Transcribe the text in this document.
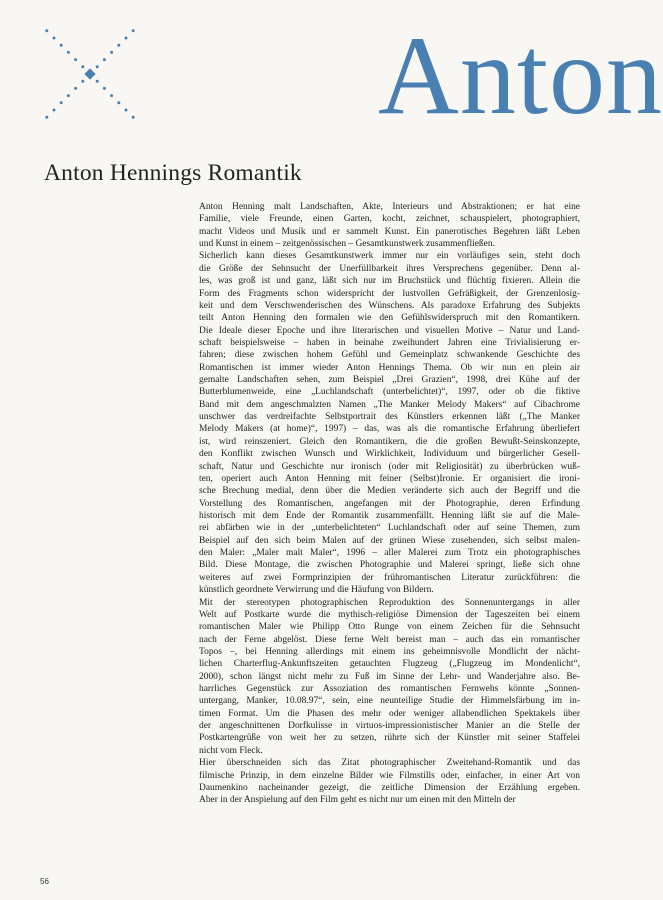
Anton
Anton Hennings Romantik

Anton Henning malt Landschaften, Akte, Interieurs und Abstraktionen; er hat eine
Familie, viele Freunde, einen Garten, kocht, zeichnet, schauspielert, photographiert,
macht Videos und Musik und er sammelt Kunst. Ein panerotisches Begehren läßt Leben
und Kunst in einem – zeitgenössischen – Gesamtkunstwerk zusammenfließen.

Sicherlich kann dieses Gesamtkunstwerk immer nur ein vorläufiges sein, steht doch
die Größe der Sehnsucht der Unerfüllbarkeit ihres Versprechens gegenüber. Denn al-
les, was groß ist und ganz, läßt sich nur im Bruchstück und flüchtig fixieren. Allein die
Form des Fragments schon widerspricht der lustvollen Gefräßigkeit, der Grenzenlosig-
keit und dem Verschwenderischen des Wünschens. Als paradoxe Erfahrung des Subjekts
teilt Anton Henning den formalen wie den Gefühlswiderspruch mit den Romantikern.
Die Ideale dieser Epoche und ihre literarischen und visuellen Motive – Natur und Land-
schaft beispielsweise – haben in beinahe zweihundert Jahren eine Trivialisierung er-
fahren; diese zwischen hohem Gefühl und Gemeinplatz schwankende Geschichte des
Romantischen ist immer wieder Anton Hennings Thema. Ob wir nun en plein air
gemalte Landschaften sehen, zum Beispiel „Drei Grazien“, 1998, drei Kühe auf der
Butterblumenweide, eine „Luchlandschaft (unterbelichtet)“, 1997, oder ob die fiktive
Band mit dem angeschmalzten Namen „The Manker Melody Makers“ auf Cibachrome
unschwer das verdreifachte Selbstportrait des Künstlers erkennen läßt („The Manker
Melody Makers (at home)“, 1997) – das, was als die romantische Erfahrung überliefert
ist, wird reinszeniert. Gleich den Romantikern, die die großen Bewußt-Seinskonzepte,
den Konflikt zwischen Wunsch und Wirklichkeit, Individuum und bürgerlicher Gesell-
schaft, Natur und Geschichte nur ironisch (oder mit Religiosität) zu überbrücken wuß-
ten, operiert auch Anton Henning mit feiner (Selbst)Ironie. Er organisiert die ironi-
sche Brechung medial, denn über die Medien veränderte sich auch der Begriff und die
Vorstellung des Romantischen, angefangen mit der Photographie, deren Erfindung
historisch mit dem Ende der Romantik zusammenfällt. Henning läßt sie auf die Male-
rei abfärben wie in der „unterbelichteten“ Luchlandschaft oder auf seine Themen, zum
Beispiel auf den sich beim Malen auf der grünen Wiese zusehenden, sich selbst malen-
den Maler: „Maler malt Maler“, 1996 – aller Malerei zum Trotz ein photographisches
Bild. Diese Montage, die zwischen Photographie und Malerei springt, ließe sich ohne
weiteres auf zwei Formprinzipien der frühromantischen Literatur zurückführen: die
künstlich geordnete Verwirrung und die Häufung von Bildern.

Mit der stereotypen photographischen Reproduktion des Sonnenuntergangs in aller
Welt auf Postkarte wurde die mythisch-religiöse Dimension der Tageszeiten bei einem
romantischen Maler wie Philipp Otto Runge von einem Zeichen für die Sehnsucht
nach der Ferne abgelöst. Diese ferne Welt bereist man – auch das ein romantischer
Topos –, bei Henning allerdings mit einem ins geheimnisvolle Mondlicht der nächt-
lichen Charterflug-Ankunftszeiten getauchten Flugzeug („Flugzeug im Mondenlicht“,
2000), schon längst nicht mehr zu Fuß im Sinne der Lehr- und Wanderjahre also. Be-
harrliches Gegenstück zur Assoziation des romantischen Fernwehs könnte „Sonnen-
untergang, Manker, 10.08.97“, sein, eine neunteilige Studie der Himmelsfärbung im in-
timen Format. Um die Phasen des mehr oder weniger allabendlichen Spektakels über
der angeschnittenen Dorfkulisse in virtuos-impressionistischer Manier an die Stelle der
Postkartengrüße von weit her zu setzen, rührte sich der Künstler mit seiner Staffelei
nicht vom Fleck.

Hier überschneiden sich das Zitat photographischer Zweitehand-Romantik und das
filmische Prinzip, in dem einzelne Bilder wie Filmstills oder, einfacher, in einer Art von
Daumenkino nacheinander gezeigt, die zeitliche Dimension der Erzählung ergeben.
Aber in der Anspielung auf den Film geht es nicht nur um einen mit den Mitteln der

56
